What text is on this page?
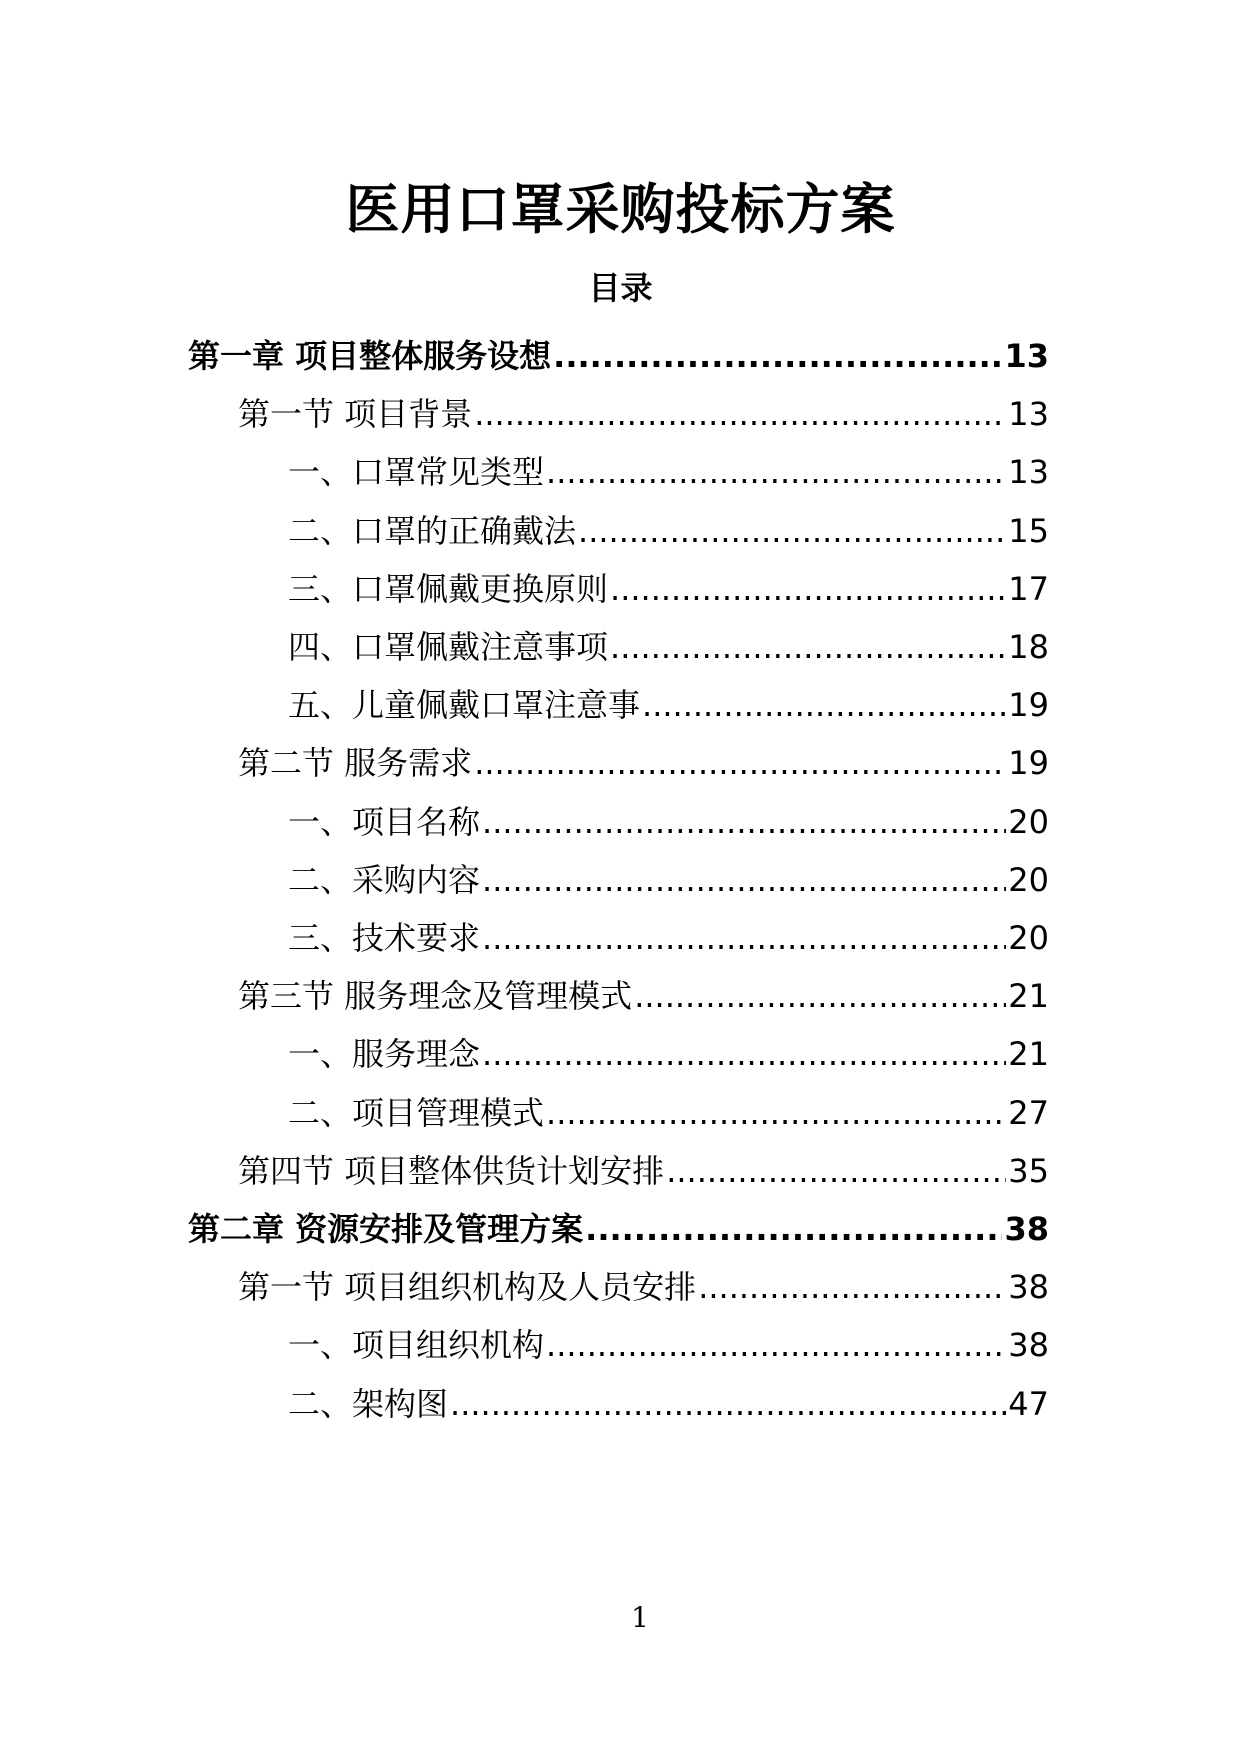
医用口罩采购投标方案
目录
第一章 项目整体服务设想 .....	13
第一节 项目背景 .....	13
一、口罩常见类型 .....	13
二、口罩的正确戴法 .....	15
三、口罩佩戴更换原则 .....	17
四、口罩佩戴注意事项 .....	18
五、儿童佩戴口罩注意事 .....	19
第二节 服务需求 .....	19
一、项目名称 .....	20
二、采购内容 .....	20
三、技术要求 .....	20
第三节 服务理念及管理模式 .....	21
一、服务理念 .....	21
二、项目管理模式 .....	27
第四节 项目整体供货计划安排 .....	35
第二章 资源安排及管理方案 .....	38
第一节 项目组织机构及人员安排 .....	38
一、项目组织机构 .....	38
二、架构图 .....	47
1
